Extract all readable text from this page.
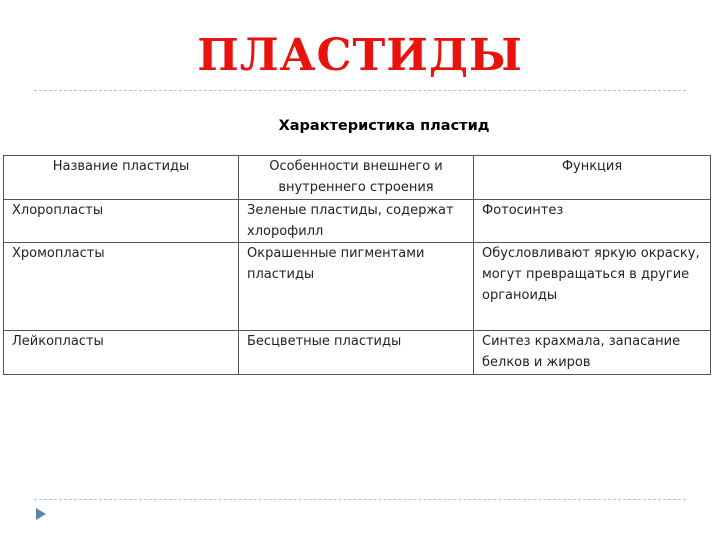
ПЛАСТИДЫ
Характеристика пластид
Название пластиды	Особенности внешнего и внутреннего строения	Функция
Хлоропласты	Зеленые пластиды, содержат хлорофилл	Фотосинтез
Хромопласты	Окрашенные пигментами пластиды	Обусловливают яркую окраску, могут превращаться в другие органоиды
Лейкопласты	Бесцветные пластиды	Синтез крахмала, запасание белков и жиров
